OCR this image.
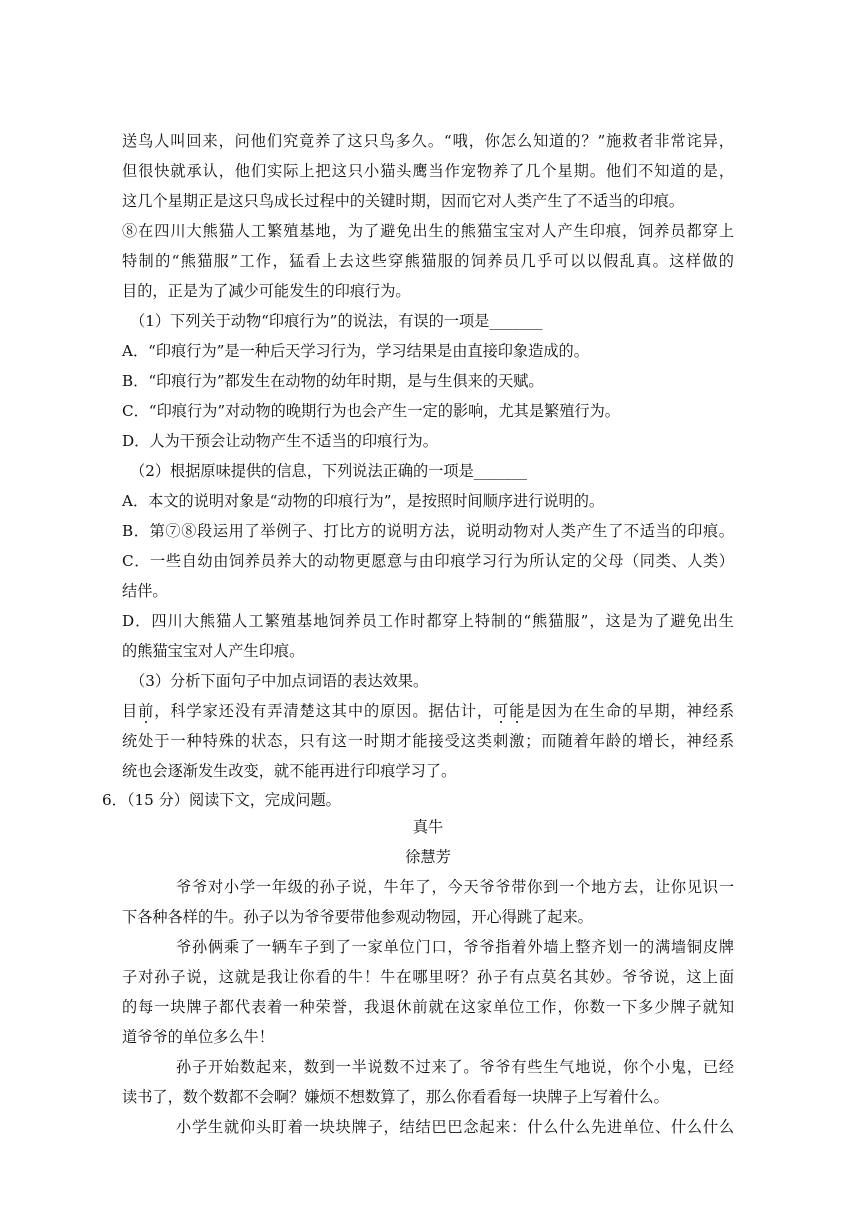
送鸟人叫回来，问他们究竟养了这只鸟多久。“哦，你怎么知道的？”施救者非常诧异，
但很快就承认，他们实际上把这只小猫头鹰当作宠物养了几个星期。他们不知道的是，
这几个星期正是这只鸟成长过程中的关键时期，因而它对人类产生了不适当的印痕。
⑧在四川大熊猫人工繁殖基地，为了避免出生的熊猫宝宝对人产生印痕，饲养员都穿上
特制的“熊猫服”工作，猛看上去这些穿熊猫服的饲养员几乎可以以假乱真。这样做的
目的，正是为了减少可能发生的印痕行为。
（1）下列关于动物“印痕行为”的说法，有误的一项是_______
A．“印痕行为”是一种后天学习行为，学习结果是由直接印象造成的。
B．“印痕行为”都发生在动物的幼年时期，是与生俱来的天赋。
C．“印痕行为”对动物的晚期行为也会产生一定的影响，尤其是繁殖行为。
D．人为干预会让动物产生不适当的印痕行为。
（2）根据原味提供的信息，下列说法正确的一项是_______
A．本文的说明对象是“动物的印痕行为”，是按照时间顺序进行说明的。
B．第⑦⑧段运用了举例子、打比方的说明方法，说明动物对人类产生了不适当的印痕。
C．一些自幼由饲养员养大的动物更愿意与由印痕学习行为所认定的父母（同类、人类）
结伴。
D．四川大熊猫人工繁殖基地饲养员工作时都穿上特制的“熊猫服”，这是为了避免出生
的熊猫宝宝对人产生印痕。
（3）分析下面句子中加点词语的表达效果。
目前，科学家还没有弄清楚这其中的原因。据估计，可能是因为在生命的早期，神经系
统处于一种特殊的状态，只有这一时期才能接受这类刺激；而随着年龄的增长，神经系
统也会逐渐发生改变，就不能再进行印痕学习了。
6．（15 分）阅读下文，完成问题。
真牛
徐慧芳
爷爷对小学一年级的孙子说，牛年了，今天爷爷带你到一个地方去，让你见识一
下各种各样的牛。孙子以为爷爷要带他参观动物园，开心得跳了起来。
爷孙俩乘了一辆车子到了一家单位门口，爷爷指着外墙上整齐划一的满墙铜皮牌
子对孙子说，这就是我让你看的牛！牛在哪里呀？孙子有点莫名其妙。爷爷说，这上面
的每一块牌子都代表着一种荣誉，我退休前就在这家单位工作，你数一下多少牌子就知
道爷爷的单位多么牛！
孙子开始数起来，数到一半说数不过来了。爷爷有些生气地说，你个小鬼，已经
读书了，数个数都不会啊？嫌烦不想数算了，那么你看看每一块牌子上写着什么。
小学生就仰头盯着一块块牌子，结结巴巴念起来：什么什么先进单位、什么什么
